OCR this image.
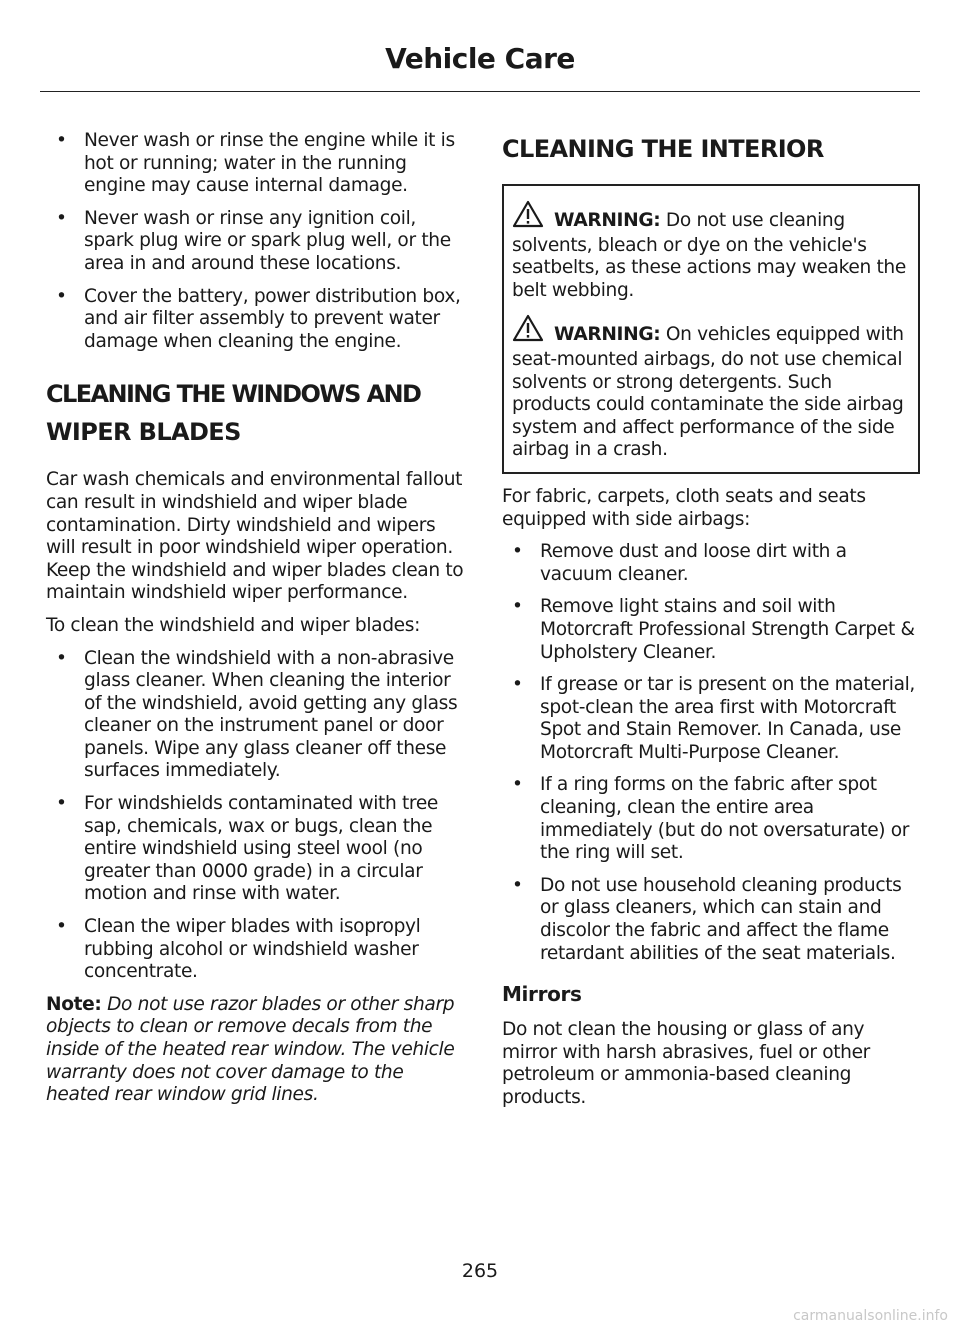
Vehicle Care
• Never wash or rinse the engine while it is hot or running; water in the running engine may cause internal damage.
• Never wash or rinse any ignition coil, spark plug wire or spark plug well, or the area in and around these locations.
• Cover the battery, power distribution box, and air filter assembly to prevent water damage when cleaning the engine.
CLEANING THE WINDOWS AND
WIPER BLADES

Car wash chemicals and environmental fallout can result in windshield and wiper blade contamination. Dirty windshield and wipers will result in poor windshield wiper operation. Keep the windshield and wiper blades clean to maintain windshield wiper performance.

To clean the windshield and wiper blades:

• Clean the windshield with a non-abrasive glass cleaner. When cleaning the interior of the windshield, avoid getting any glass cleaner on the instrument panel or door panels. Wipe any glass cleaner off these surfaces immediately.
• For windshields contaminated with tree sap, chemicals, wax or bugs, clean the entire windshield using steel wool (no greater than 0000 grade) in a circular motion and rinse with water.
• Clean the wiper blades with isopropyl rubbing alcohol or windshield washer concentrate.

Note: Do not use razor blades or other sharp objects to clean or remove decals from the inside of the heated rear window. The vehicle warranty does not cover damage to the heated rear window grid lines.

CLEANING THE INTERIOR
WARNING: Do not use cleaning solvents, bleach or dye on the vehicle's seatbelts, as these actions may weaken the belt webbing.
WARNING: On vehicles equipped with seat-mounted airbags, do not use chemical solvents or strong detergents. Such products could contaminate the side airbag system and affect performance of the side airbag in a crash.

For fabric, carpets, cloth seats and seats equipped with side airbags:

• Remove dust and loose dirt with a vacuum cleaner.
• Remove light stains and soil with Motorcraft Professional Strength Carpet & Upholstery Cleaner.
• If grease or tar is present on the material, spot-clean the area first with Motorcraft Spot and Stain Remover. In Canada, use Motorcraft Multi-Purpose Cleaner.
• If a ring forms on the fabric after spot cleaning, clean the entire area immediately (but do not oversaturate) or the ring will set.
• Do not use household cleaning products or glass cleaners, which can stain and discolor the fabric and affect the flame retardant abilities of the seat materials.
Mirrors

Do not clean the housing or glass of any mirror with harsh abrasives, fuel or other petroleum or ammonia-based cleaning products.

265
carmanualsonline.info
